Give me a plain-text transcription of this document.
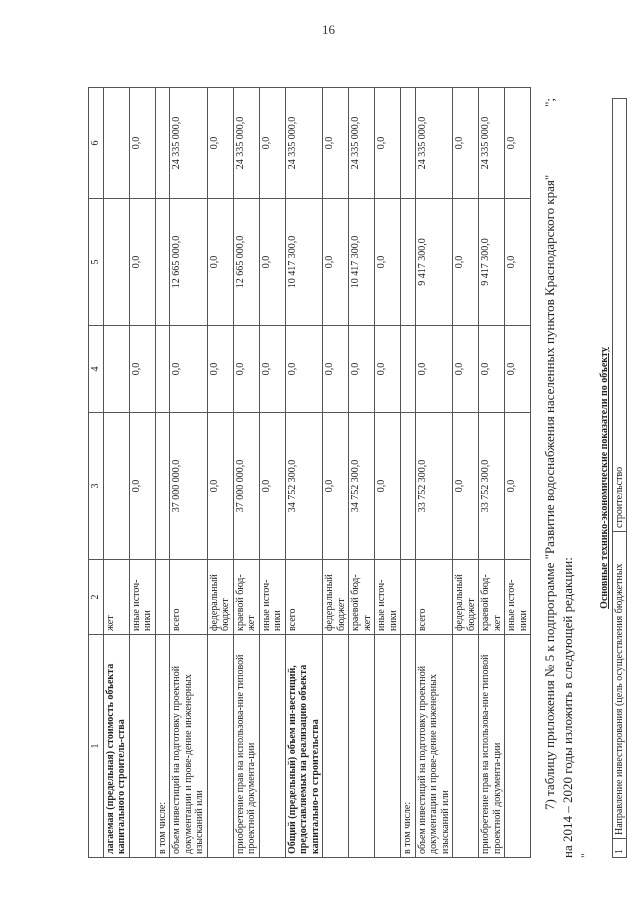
16
1	2	3	4	5	6
лагаемая (предельная) стоимость объекта капитального строитель-ства	жет				
	иные источ-ники	0,0	0,0	0,0	0,0
в том числе:					
объем инвестиций на подготовку проектной документации и прове-дение инженерных изысканий или	всего	37 000 000,0	0,0	12 665 000,0	24 335 000,0
	федеральный бюджет	0,0	0,0	0,0	0,0
приобретение прав на использова-ние типовой проектной документа-ции	краевой бюд-жет	37 000 000,0	0,0	12 665 000,0	24 335 000,0
	иные источ-ники	0,0	0,0	0,0	0,0
Общий (предельный) объем ин-вестиций, предоставляемых на реализацию объекта капитально-го строительства	всего	34 752 300,0	0,0	10 417 300,0	24 335 000,0
	федеральный бюджет	0,0	0,0	0,0	0,0
	краевой бюд-жет	34 752 300,0	0,0	10 417 300,0	24 335 000,0
	иные источ-ники	0,0	0,0	0,0	0,0
в том числе:					
объем инвестиций на подготовку проектной документации и прове-дение инженерных изысканий или	всего	33 752 300,0	0,0	9 417 300,0	24 335 000,0
	федеральный бюджет	0,0	0,0	0,0	0,0
приобретение прав на использова-ние типовой проектной документа-ции	краевой бюд-жет	33 752 300,0	0,0	9 417 300,0	24 335 000,0
	иные источ-ники	0,0	0,0	0,0	0,0
";
7) таблицу приложения № 5 к подпрограмме "Развитие водоснабжения населенных пунктов Краснодарского края" на 2014 – 2020 годы изложить в следующей редакции: "
Основные технико-экономические показатели по объекту
1	Направление инвестирования (цель осуществления бюджетных	строительство
